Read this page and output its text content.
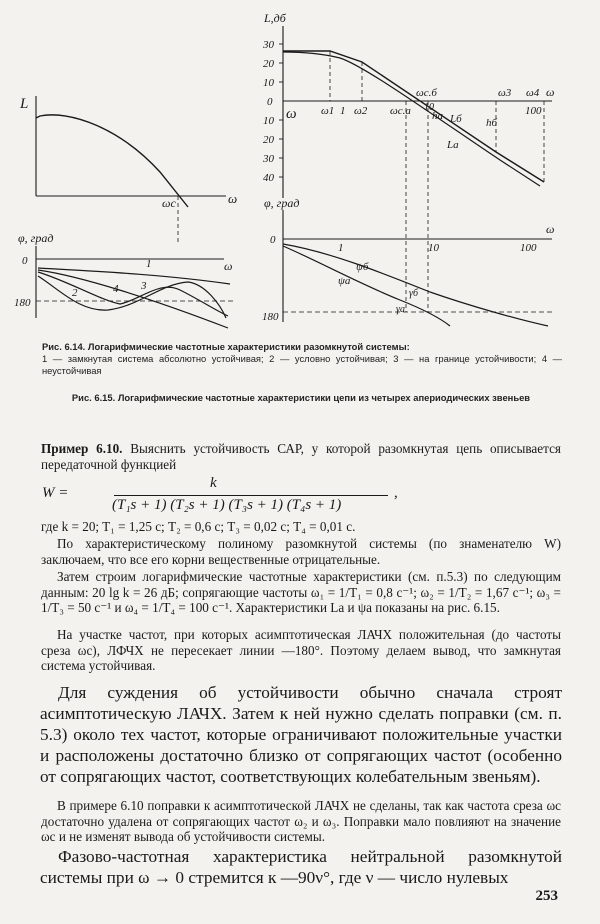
L
ω
ωc
φ, град
0	ω
180
1
2
3
4
L,дб
30
20
10
0
10
20
30
40
ω ω1 1 ω2 ωc.a
ωc.б
10
hа
hб
Lб
Lа
ω3 ω4 ω
100
φ, град
0
1	10	100
ω
180
ψб
ψа
γб
γа
Рис. 6.14. Логарифмические частотные характеристики разомкнутой системы:
1 — замкнутая система абсолютно устойчивая; 2 — условно устойчивая; 3 — на границе устойчивости; 4 — неустойчивая
Рис. 6.15. Логарифмические частотные характеристики цепи из четырех апериодических звеньев

Пример 6.10. Выяснить устойчивость САР, у которой разомкнутая цепь описывается передаточной функцией

W =
k
(T₁s + 1) (T₂s + 1) (T₃s + 1) (T₄s + 1)
,

где k = 20; T₁ = 1,25 с; T₂ = 0,6 с; T₃ = 0,02 с; T₄ = 0,01 с.

По характеристическому полиному разомкнутой системы (по знаменателю W) заключаем, что все его корни вещественные отрицательные.

Затем строим логарифмические частотные характеристики (см. п.5.3) по следующим данным: 20 lg k = 26 дБ; сопрягающие частоты ω₁ = 1/T₁ = 0,8 с⁻¹; ω₂ = 1/T₂ = 1,67 с⁻¹; ω₃ = 1/T₃ = 50 с⁻¹ и ω₄ = 1/T₄ = 100 с⁻¹. Характеристики Lа и ψа показаны на рис. 6.15.

На участке частот, при которых асимптотическая ЛАЧХ положительная (до частоты среза ωc), ЛФЧХ не пересекает линии —180°. Поэтому делаем вывод, что замкнутая система устойчивая.

Для суждения об устойчивости обычно сначала строят асимптотическую ЛАЧХ. Затем к ней нужно сделать поправки (см. п. 5.3) около тех частот, которые ограничивают положительные участки и расположены достаточно близко от сопрягающих частот (особенно от сопрягающих частот, соответствующих колебательным звеньям).

В примере 6.10 поправки к асимптотической ЛАЧХ не сделаны, так как частота среза ωc достаточно удалена от сопрягающих частот ω₂ и ω₃. Поправки мало повлияют на значение ωc и не изменят вывода об устойчивости системы.

Фазово-частотная характеристика нейтральной разомкнутой системы при ω → 0 стремится к —90ν°, где ν — число нулевых

253
